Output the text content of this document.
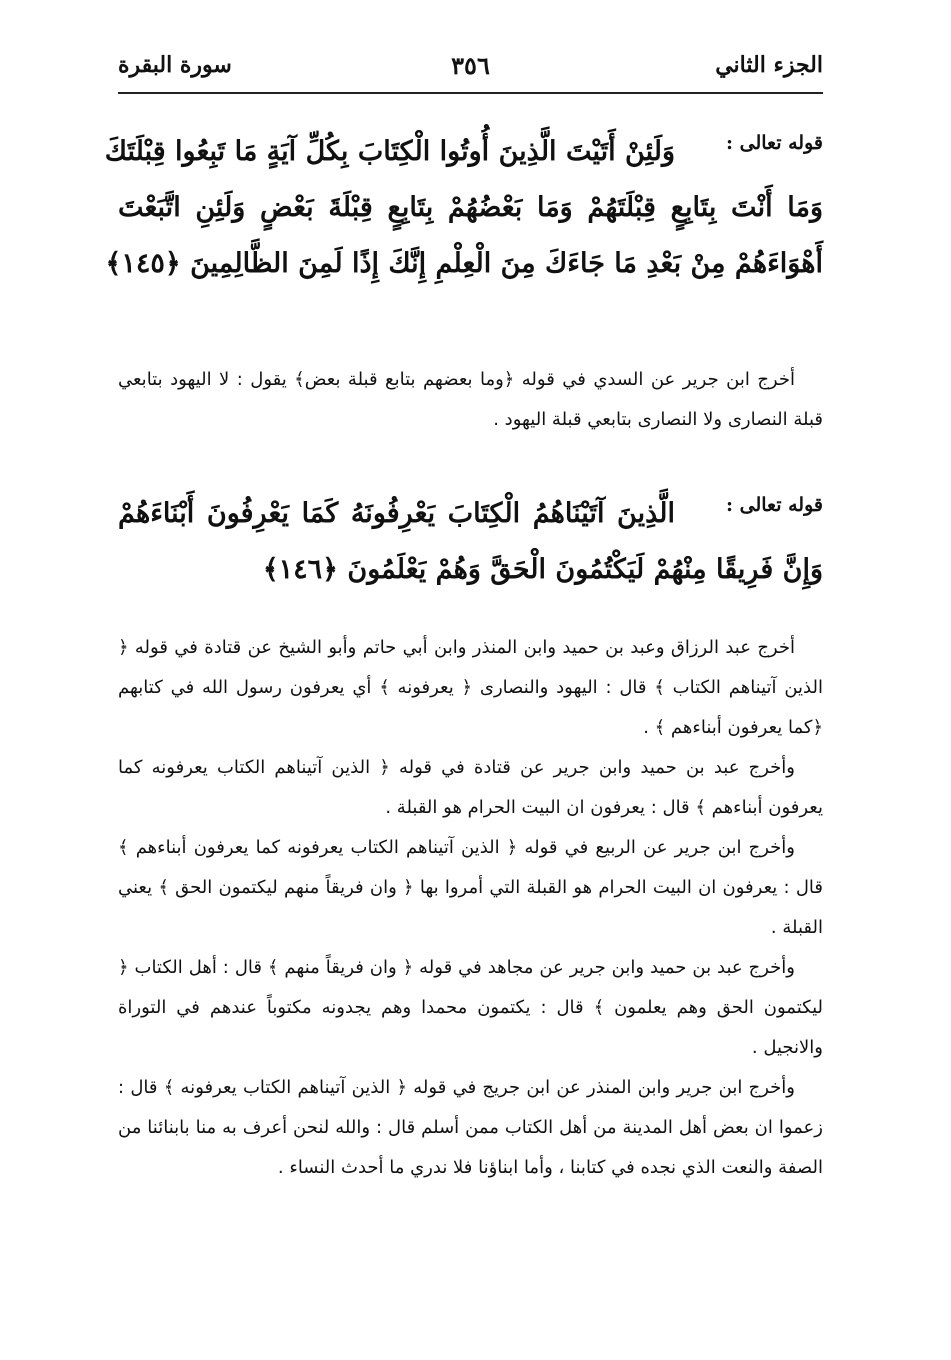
الجزء الثاني
٣٥٦
سورة البقرة
قوله تعالى :
وَلَئِنْ أَتَيْتَ الَّذِينَ أُوتُوا الْكِتَابَ بِكُلِّ آيَةٍ مَا تَبِعُوا قِبْلَتَكَ
وَمَا أَنْتَ بِتَابِعٍ قِبْلَتَهُمْ وَمَا بَعْضُهُمْ بِتَابِعٍ قِبْلَةَ بَعْضٍ وَلَئِنِ اتَّبَعْتَ
أَهْوَاءَهُمْ مِنْ بَعْدِ مَا جَاءَكَ مِنَ الْعِلْمِ إِنَّكَ إِذًا لَمِنَ الظَّالِمِينَ ﴿١٤٥﴾

أخرج ابن جرير عن السدي في قوله ﴿وما بعضهم بتابع قبلة بعض﴾ يقول : لا اليهود بتابعي قبلة النصارى ولا النصارى بتابعي قبلة اليهود .

قوله تعالى :
الَّذِينَ آتَيْنَاهُمُ الْكِتَابَ يَعْرِفُونَهُ كَمَا يَعْرِفُونَ أَبْنَاءَهُمْ
وَإِنَّ فَرِيقًا مِنْهُمْ لَيَكْتُمُونَ الْحَقَّ وَهُمْ يَعْلَمُونَ ﴿١٤٦﴾

أخرج عبد الرزاق وعبد بن حميد وابن المنذر وابن أبي حاتم وأبو الشيخ عن قتادة في قوله ﴿ الذين آتيناهم الكتاب ﴾ قال : اليهود والنصارى ﴿ يعرفونه ﴾ أي يعرفون رسول الله في كتابهم ﴿كما يعرفون أبناءهم ﴾ .

وأخرج عبد بن حميد وابن جرير عن قتادة في قوله ﴿ الذين آتيناهم الكتاب يعرفونه كما يعرفون أبناءهم ﴾ قال : يعرفون ان البيت الحرام هو القبلة .

وأخرج ابن جرير عن الربيع في قوله ﴿ الذين آتيناهم الكتاب يعرفونه كما يعرفون أبناءهم ﴾ قال : يعرفون ان البيت الحرام هو القبلة التي أمروا بها ﴿ وان فريقاً منهم ليكتمون الحق ﴾ يعني القبلة .

وأخرج عبد بن حميد وابن جرير عن مجاهد في قوله ﴿ وان فريقاً منهم ﴾ قال : أهل الكتاب ﴿ ليكتمون الحق وهم يعلمون ﴾ قال : يكتمون محمدا وهم يجدونه مكتوباً عندهم في التوراة والانجيل .

وأخرج ابن جرير وابن المنذر عن ابن جريج في قوله ﴿ الذين آتيناهم الكتاب يعرفونه ﴾ قال : زعموا ان بعض أهل المدينة من أهل الكتاب ممن أسلم قال : والله لنحن أعرف به منا بابنائنا من الصفة والنعت الذي نجده في كتابنا ، وأما ابناؤنا فلا ندري ما أحدث النساء .
